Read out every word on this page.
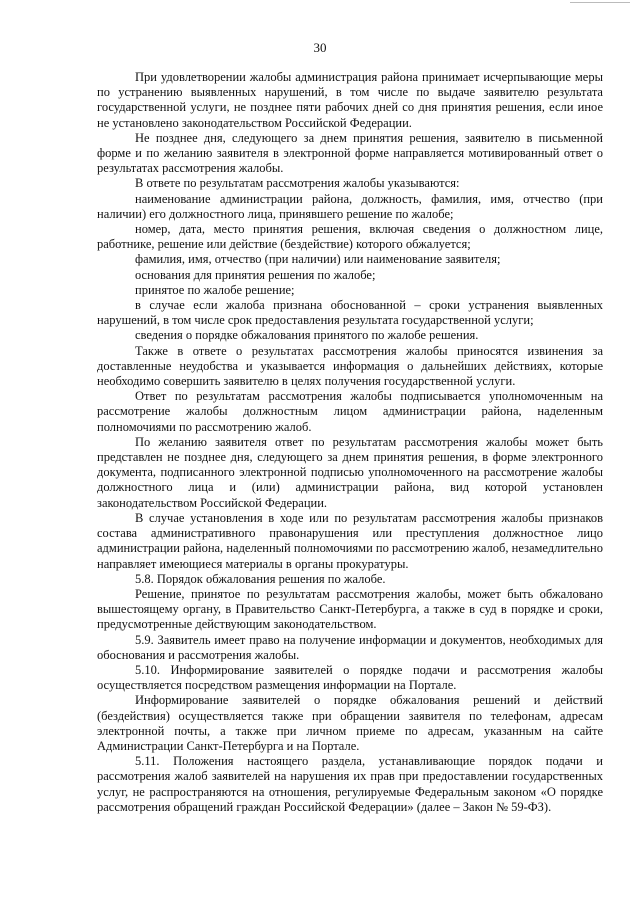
30

При удовлетворении жалобы администрация района принимает исчерпывающие меры по устранению выявленных нарушений, в том числе по выдаче заявителю результата государственной услуги, не позднее пяти рабочих дней со дня принятия решения, если иное не установлено законодательством Российской Федерации.

Не позднее дня, следующего за днем принятия решения, заявителю в письменной форме и по желанию заявителя в электронной форме направляется мотивированный ответ о результатах рассмотрения жалобы.

В ответе по результатам рассмотрения жалобы указываются:

наименование администрации района, должность, фамилия, имя, отчество (при наличии) его должностного лица, принявшего решение по жалобе;

номер, дата, место принятия решения, включая сведения о должностном лице, работнике, решение или действие (бездействие) которого обжалуется;

фамилия, имя, отчество (при наличии) или наименование заявителя;

основания для принятия решения по жалобе;

принятое по жалобе решение;

в случае если жалоба признана обоснованной – сроки устранения выявленных нарушений, в том числе срок предоставления результата государственной услуги;

сведения о порядке обжалования принятого по жалобе решения.

Также в ответе о результатах рассмотрения жалобы приносятся извинения за доставленные неудобства и указывается информация о дальнейших действиях, которые необходимо совершить заявителю в целях получения государственной услуги.

Ответ по результатам рассмотрения жалобы подписывается уполномоченным на рассмотрение жалобы должностным лицом администрации района, наделенным полномочиями по рассмотрению жалоб.

По желанию заявителя ответ по результатам рассмотрения жалобы может быть представлен не позднее дня, следующего за днем принятия решения, в форме электронного документа, подписанного электронной подписью уполномоченного на рассмотрение жалобы должностного лица и (или) администрации района, вид которой установлен законодательством Российской Федерации.

В случае установления в ходе или по результатам рассмотрения жалобы признаков состава административного правонарушения или преступления должностное лицо администрации района, наделенный полномочиями по рассмотрению жалоб, незамедлительно направляет имеющиеся материалы в органы прокуратуры.

5.8. Порядок обжалования решения по жалобе.

Решение, принятое по результатам рассмотрения жалобы, может быть обжаловано вышестоящему органу, в Правительство Санкт-Петербурга, а также в суд в порядке и сроки, предусмотренные действующим законодательством.

5.9. Заявитель имеет право на получение информации и документов, необходимых для обоснования и рассмотрения жалобы.

5.10. Информирование заявителей о порядке подачи и рассмотрения жалобы осуществляется посредством размещения информации на Портале.

Информирование заявителей о порядке обжалования решений и действий (бездействия) осуществляется также при обращении заявителя по телефонам, адресам электронной почты, а также при личном приеме по адресам, указанным на сайте Администрации Санкт-Петербурга и на Портале.

5.11. Положения настоящего раздела, устанавливающие порядок подачи и рассмотрения жалоб заявителей на нарушения их прав при предоставлении государственных услуг, не распространяются на отношения, регулируемые Федеральным законом «О порядке рассмотрения обращений граждан Российской Федерации» (далее – Закон № 59-ФЗ).
